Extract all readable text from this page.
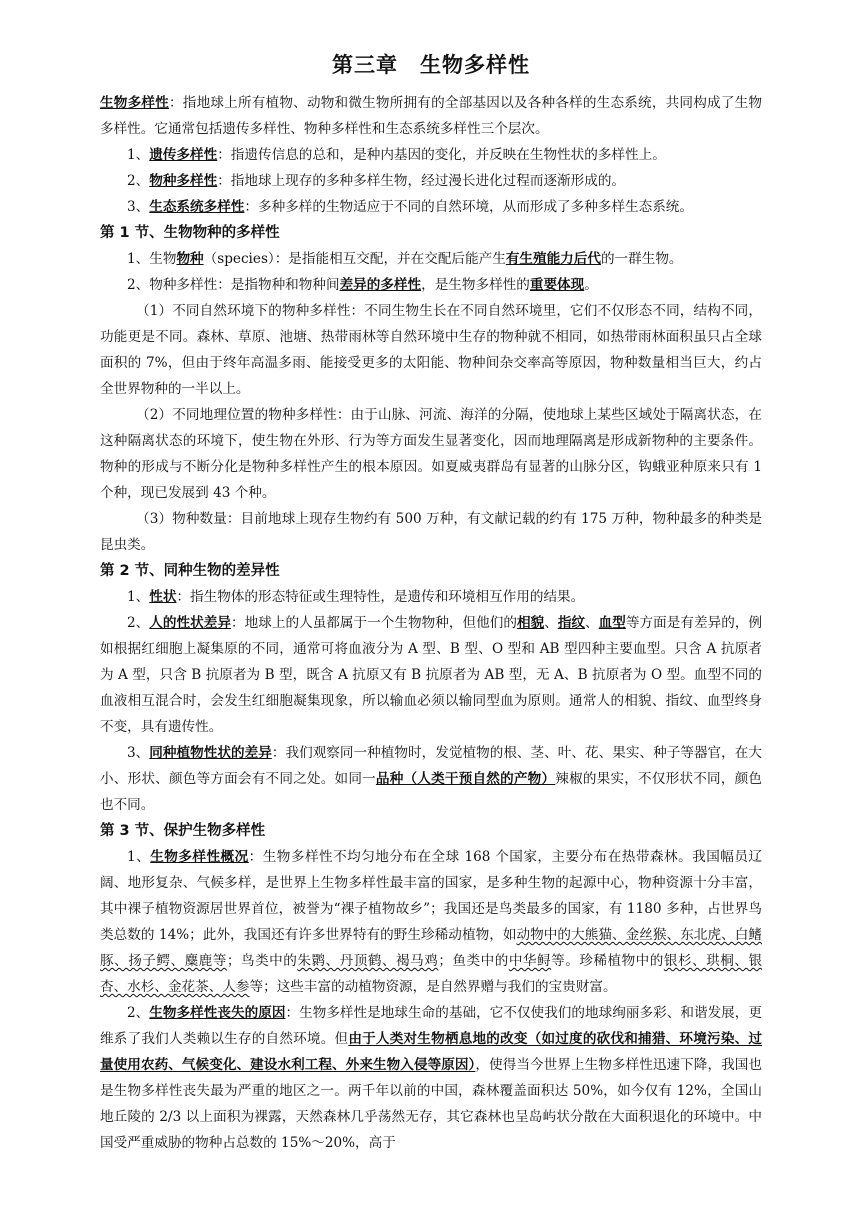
第三章 生物多样性

生物多样性：指地球上所有植物、动物和微生物所拥有的全部基因以及各种各样的生态系统，共同构成了生物多样性。它通常包括遗传多样性、物种多样性和生态系统多样性三个层次。

1、遗传多样性：指遗传信息的总和，是种内基因的变化，并反映在生物性状的多样性上。

2、物种多样性：指地球上现存的多种多样生物，经过漫长进化过程而逐渐形成的。

3、生态系统多样性：多种多样的生物适应于不同的自然环境，从而形成了多种多样生态系统。

第 1 节、生物物种的多样性

1、生物物种（species）：是指能相互交配，并在交配后能产生有生殖能力后代的一群生物。

2、物种多样性：是指物种和物种间差异的多样性，是生物多样性的重要体现。

（1）不同自然环境下的物种多样性：不同生物生长在不同自然环境里，它们不仅形态不同，结构不同，功能更是不同。森林、草原、池塘、热带雨林等自然环境中生存的物种就不相同，如热带雨林面积虽只占全球面积的 7%，但由于终年高温多雨、能接受更多的太阳能、物种间杂交率高等原因，物种数量相当巨大，约占全世界物种的一半以上。

（2）不同地理位置的物种多样性：由于山脉、河流、海洋的分隔，使地球上某些区域处于隔离状态，在这种隔离状态的环境下，使生物在外形、行为等方面发生显著变化，因而地理隔离是形成新物种的主要条件。物种的形成与不断分化是物种多样性产生的根本原因。如夏威夷群岛有显著的山脉分区，钩蛾亚种原来只有 1 个种，现已发展到 43 个种。

（3）物种数量：目前地球上现存生物约有 500 万种，有文献记载的约有 175 万种，物种最多的种类是昆虫类。

第 2 节、同种生物的差异性

1、性状：指生物体的形态特征或生理特性，是遗传和环境相互作用的结果。

2、人的性状差异：地球上的人虽都属于一个生物物种，但他们的相貌、指纹、血型等方面是有差异的，例如根据红细胞上凝集原的不同，通常可将血液分为 A 型、B 型、O 型和 AB 型四种主要血型。只含 A 抗原者为 A 型，只含 B 抗原者为 B 型，既含 A 抗原又有 B 抗原者为 AB 型，无 A、B 抗原者为 O 型。血型不同的血液相互混合时，会发生红细胞凝集现象，所以输血必须以输同型血为原则。通常人的相貌、指纹、血型终身不变，具有遗传性。

3、同种植物性状的差异：我们观察同一种植物时，发觉植物的根、茎、叶、花、果实、种子等器官，在大小、形状、颜色等方面会有不同之处。如同一品种（人类干预自然的产物）辣椒的果实，不仅形状不同，颜色也不同。

第 3 节、保护生物多样性

1、生物多样性概况：生物多样性不均匀地分布在全球 168 个国家，主要分布在热带森林。我国幅员辽阔、地形复杂、气候多样，是世界上生物多样性最丰富的国家，是多种生物的起源中心，物种资源十分丰富，其中裸子植物资源居世界首位，被誉为“裸子植物故乡”；我国还是鸟类最多的国家，有 1180 多种，占世界鸟类总数的 14%；此外，我国还有许多世界特有的野生珍稀动植物，如动物中的大熊猫、金丝猴、东北虎、白鳍豚、扬子鳄、麋鹿等；鸟类中的朱鹮、丹顶鹤、褐马鸡；鱼类中的中华鲟等。珍稀植物中的银杉、珙桐、银杏、水杉、金花茶、人参等；这些丰富的动植物资源，是自然界赠与我们的宝贵财富。

2、生物多样性丧失的原因：生物多样性是地球生命的基础，它不仅使我们的地球绚丽多彩、和谐发展，更维系了我们人类赖以生存的自然环境。但由于人类对生物栖息地的改变（如过度的砍伐和捕猎、环境污染、过量使用农药、气候变化、建设水利工程、外来生物入侵等原因），使得当今世界上生物多样性迅速下降，我国也是生物多样性丧失最为严重的地区之一。两千年以前的中国，森林覆盖面积达 50%，如今仅有 12%，全国山地丘陵的 2/3 以上面积为裸露，天然森林几乎荡然无存，其它森林也呈岛屿状分散在大面积退化的环境中。中国受严重威胁的物种占总数的 15%～20%，高于
